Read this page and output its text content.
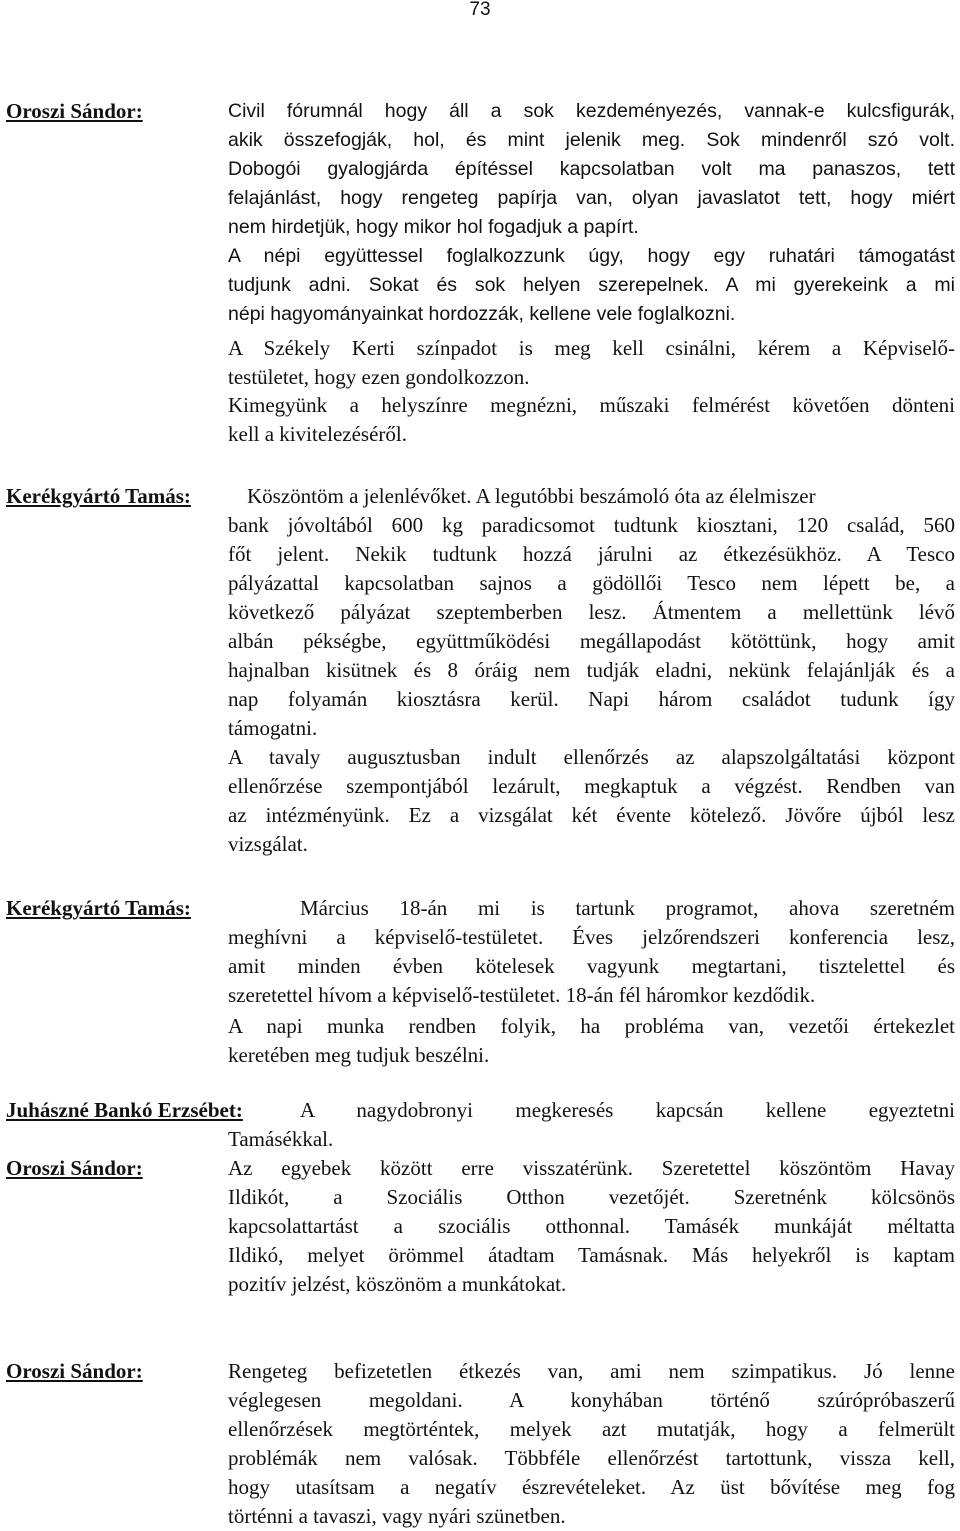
73
Oroszi Sándor:	Civil fórumnál hogy áll a sok kezdeményezés, vannak-e kulcsfigurák,
akik összefogják, hol, és mint jelenik meg. Sok mindenről szó volt.
Dobogói gyalogjárda építéssel kapcsolatban volt ma panaszos, tett
felajánlást, hogy rengeteg papírja van, olyan javaslatot tett, hogy miért
nem hirdetjük, hogy mikor hol fogadjuk a papírt.
A népi együttessel foglalkozzunk úgy, hogy egy ruhatári támogatást
tudjunk adni. Sokat és sok helyen szerepelnek. A mi gyerekeink a mi
népi hagyományainkat hordozzák, kellene vele foglalkozni.
A Székely Kerti színpadot is meg kell csinálni, kérem a Képviselő-
testületet, hogy ezen gondolkozzon.
Kimegyünk a helyszínre megnézni, műszaki felmérést követően dönteni
kell a kivitelezéséről.
Kerékgyártó Tamás:	Köszöntöm a jelenlévőket. A legutóbbi beszámoló óta az élelmiszer
bank jóvoltából 600 kg paradicsomot tudtunk kiosztani, 120 család, 560
főt jelent. Nekik tudtunk hozzá járulni az étkezésükhöz. A Tesco
pályázattal kapcsolatban sajnos a gödöllői Tesco nem lépett be, a
következő pályázat szeptemberben lesz. Átmentem a mellettünk lévő
albán pékségbe, együttműködési megállapodást kötöttünk, hogy amit
hajnalban kisütnek és 8 óráig nem tudják eladni, nekünk felajánlják és a
nap folyamán kiosztásra kerül. Napi három családot tudunk így
támogatni.
A tavaly augusztusban indult ellenőrzés az alapszolgáltatási központ
ellenőrzése szempontjából lezárult, megkaptuk a végzést. Rendben van
az intézményünk. Ez a vizsgálat két évente kötelező. Jövőre újból lesz
vizsgálat.
Kerékgyártó Tamás:	Március 18-án mi is tartunk programot, ahova szeretném
meghívni a képviselő-testületet. Éves jelzőrendszeri konferencia lesz,
amit minden évben kötelesek vagyunk megtartani, tisztelettel és
szeretettel hívom a képviselő-testületet. 18-án fél háromkor kezdődik.
A napi munka rendben folyik, ha probléma van, vezetői értekezlet
keretében meg tudjuk beszélni.
Juhászné Bankó Erzsébet:	A nagydobronyi megkeresés kapcsán kellene egyeztetni
Tamásékkal.
Oroszi Sándor:	Az egyebek között erre visszatérünk. Szeretettel köszöntöm Havay
Ildikót, a Szociális Otthon vezetőjét. Szeretnénk kölcsönös
kapcsolattartást a szociális otthonnal. Tamásék munkáját méltatta
Ildikó, melyet örömmel átadtam Tamásnak. Más helyekről is kaptam
pozitív jelzést, köszönöm a munkátokat.
Oroszi Sándor:	Rengeteg befizetetlen étkezés van, ami nem szimpatikus. Jó lenne
véglegesen megoldani. A konyhában történő szúrópróbaszerű
ellenőrzések megtörténtek, melyek azt mutatják, hogy a felmerült
problémák nem valósak. Többféle ellenőrzést tartottunk, vissza kell,
hogy utasítsam a negatív észrevételeket. Az üst bővítése meg fog
történni a tavaszi, vagy nyári szünetben.
